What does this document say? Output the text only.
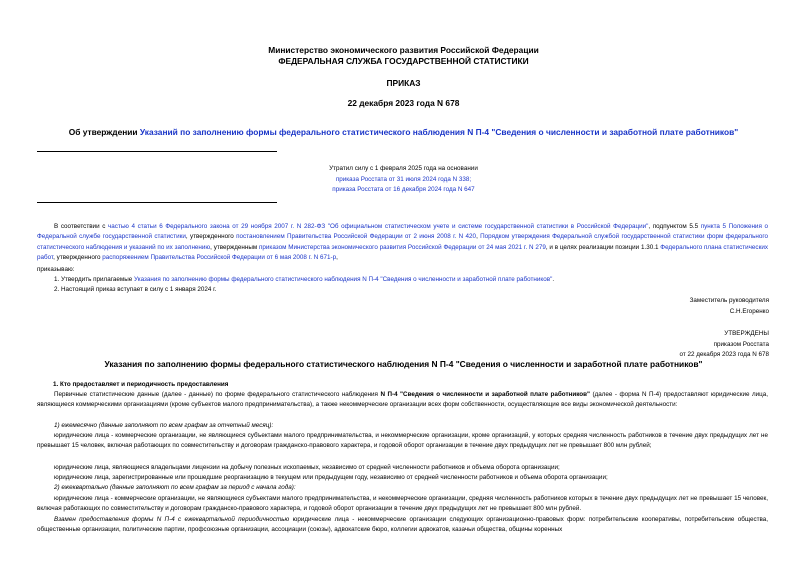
Министерство экономического развития Российской Федерации
ФЕДЕРАЛЬНАЯ СЛУЖБА ГОСУДАРСТВЕННОЙ СТАТИСТИКИ
ПРИКАЗ
22 декабря 2023 года N 678
Об утверждении Указаний по заполнению формы федерального статистического наблюдения N П-4 "Сведения о численности и заработной плате работников"
Утратил силу с 1 февраля 2025 года на основании
приказа Росстата от 31 июля 2024 года N 338;
приказа Росстата от 16 декабря 2024 года N 647
В соответствии с частью 4 статьи 6 Федерального закона от 29 ноября 2007 г. N 282-ФЗ "Об официальном статистическом учете и системе государственной статистики в Российской Федерации", подпунктом 5.5 пункта 5 Положения о Федеральной службе государственной статистики, утвержденного постановлением Правительства Российской Федерации от 2 июня 2008 г. N 420, Порядком утверждения Федеральной службой государственной статистики форм федерального статистического наблюдения и указаний по их заполнению, утвержденным приказом Министерства экономического развития Российской Федерации от 24 мая 2021 г. N 279, и в целях реализации позиции 1.30.1 Федерального плана статистических работ, утвержденного распоряжением Правительства Российской Федерации от 6 мая 2008 г. N 671-р,
приказываю:
1. Утвердить прилагаемые Указания по заполнению формы федерального статистического наблюдения N П-4 "Сведения о численности и заработной плате работников".
2. Настоящий приказ вступает в силу с 1 января 2024 г.
Заместитель руководителя
С.Н.Егоренко
УТВЕРЖДЕНЫ
приказом Росстата
от 22 декабря 2023 года N 678
Указания по заполнению формы федерального статистического наблюдения N П-4 "Сведения о численности и заработной плате работников"
1. Кто предоставляет и периодичность предоставления
Первичные статистические данные (далее - данные) по форме федерального статистического наблюдения N П-4 "Сведения о численности и заработной плате работников" (далее - форма N П-4) предоставляют юридические лица, являющиеся коммерческими организациями (кроме субъектов малого предпринимательства), а также некоммерческие организации всех форм собственности, осуществляющие все виды экономической деятельности:
1) ежемесячно (данные заполняют по всем графам за отчетный месяц):
юридические лица - коммерческие организации, не являющиеся субъектами малого предпринимательства, и некоммерческие организации, кроме организаций, у которых средняя численность работников в течение двух предыдущих лет не превышает 15 человек, включая работающих по совместительству и договорам гражданско-правового характера, и годовой оборот организации в течение двух предыдущих лет не превышает 800 млн рублей;
юридические лица, являющиеся владельцами лицензии на добычу полезных ископаемых, независимо от средней численности работников и объема оборота организации;
юридические лица, зарегистрированные или прошедшие реорганизацию в текущем или предыдущем году, независимо от средней численности работников и объема оборота организации;
2) ежеквартально (данные заполняют по всем графам за период с начала года):
юридические лица - коммерческие организации, не являющиеся субъектами малого предпринимательства, и некоммерческие организации, средняя численность работников которых в течение двух предыдущих лет не превышает 15 человек, включая работающих по совместительству и договорам гражданско-правового характера, и годовой оборот организации в течение двух предыдущих лет не превышает 800 млн рублей.
Взамен предоставления формы N П-4 с ежеквартальной периодичностью юридические лица - некоммерческие организации следующих организационно-правовых форм: потребительские кооперативы, потребительские общества, общественные организации, политические партии, профсоюзные организации, ассоциации (союзы), адвокатские бюро, коллегии адвокатов, казачьи общества, общины коренных
